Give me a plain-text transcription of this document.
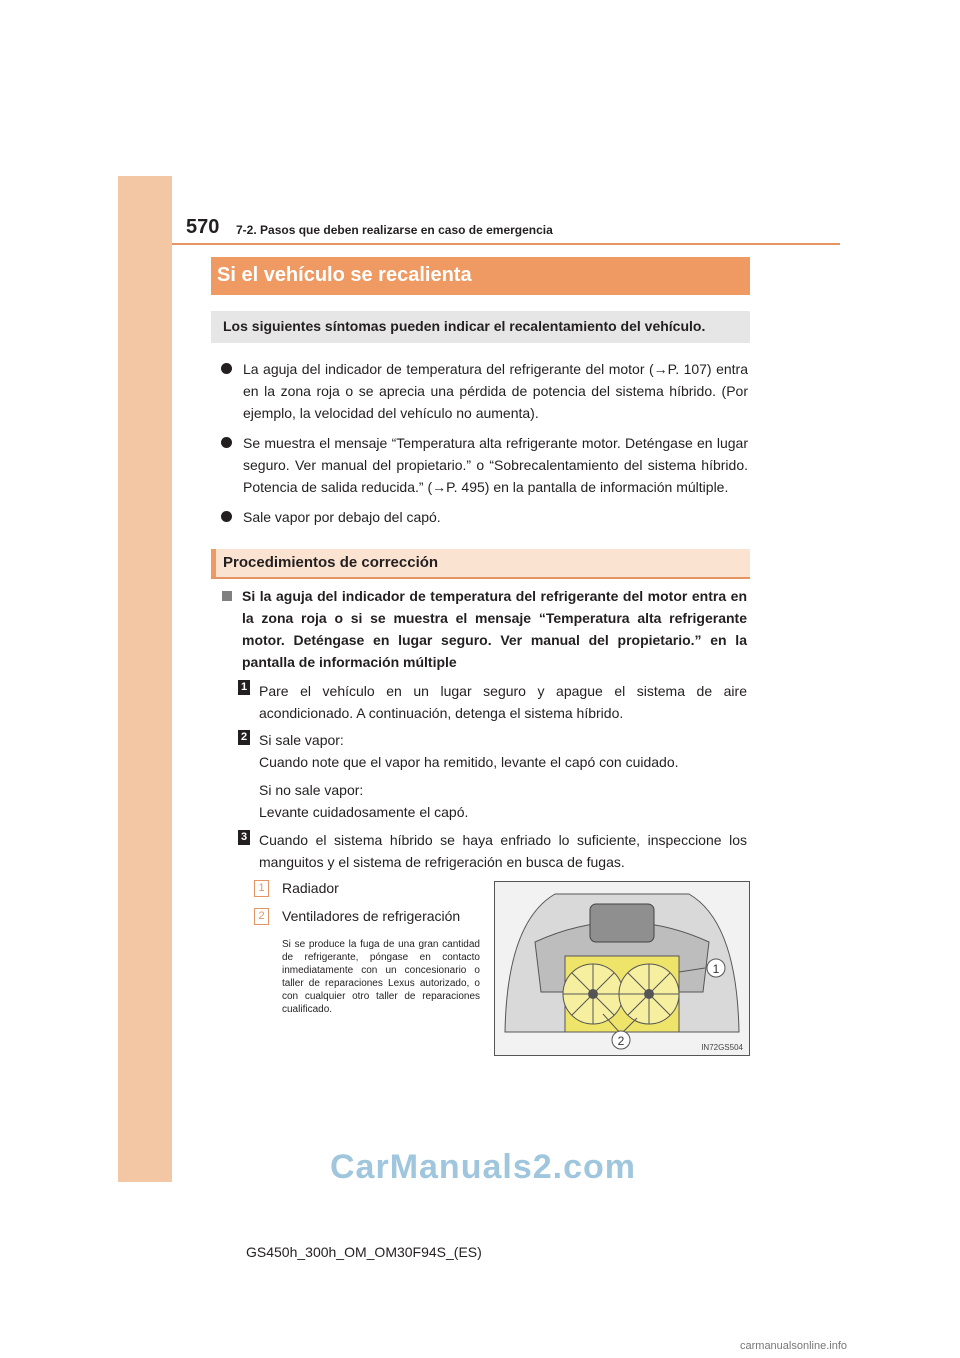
570 7-2. Pasos que deben realizarse en caso de emergencia
Si el vehículo se recalienta
Los siguientes síntomas pueden indicar el recalentamiento del vehículo.
La aguja del indicador de temperatura del refrigerante del motor (→P. 107) entra en la zona roja o se aprecia una pérdida de potencia del sistema híbrido. (Por ejemplo, la velocidad del vehículo no aumenta).
Se muestra el mensaje “Temperatura alta refrigerante motor. Deténgase en lugar seguro. Ver manual del propietario.” o “Sobrecalentamiento del sistema híbrido. Potencia de salida reducida.” (→P. 495) en la pantalla de información múltiple.
Sale vapor por debajo del capó.
Procedimientos de corrección
Si la aguja del indicador de temperatura del refrigerante del motor entra en la zona roja o si se muestra el mensaje “Temperatura alta refrigerante motor. Deténgase en lugar seguro. Ver manual del propietario.” en la pantalla de información múltiple
1 Pare el vehículo en un lugar seguro y apague el sistema de aire acondicionado. A continuación, detenga el sistema híbrido.
2 Si sale vapor:
Cuando note que el vapor ha remitido, levante el capó con cuidado.
Si no sale vapor:
Levante cuidadosamente el capó.
3 Cuando el sistema híbrido se haya enfriado lo suficiente, inspeccione los manguitos y el sistema de refrigeración en busca de fugas.
1	Radiador
2	Ventiladores de refrigeración
Si se produce la fuga de una gran cantidad de refrigerante, póngase en contacto inmediatamente con un concesionario o taller de reparaciones Lexus autorizado, o con cualquier otro taller de reparaciones cualificado.
1
2	IN72GS504
CarManuals2.com
GS450h_300h_OM_OM30F94S_(ES)
carmanualsonline.info
